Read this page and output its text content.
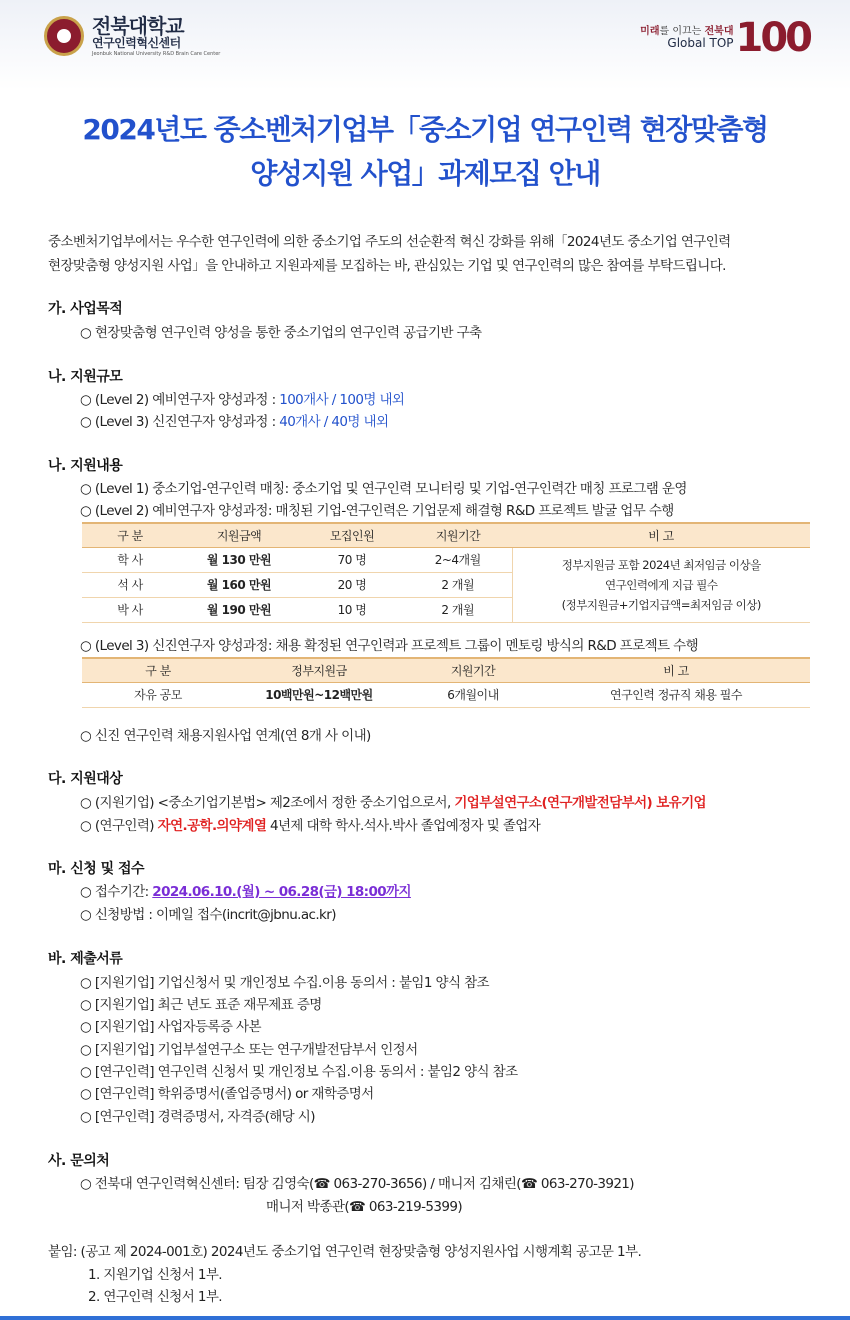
전북대학교
연구인력혁신센터
Jeonbuk National University R&D Brain Care Center
미래를 이끄는 전북대
Global TOP 100
2024년도 중소벤처기업부「중소기업 연구인력 현장맞춤형
양성지원 사업」과제모집 안내
중소벤처기업부에서는 우수한 연구인력에 의한 중소기업 주도의 선순환적 혁신 강화를 위해「2024년도 중소기업 연구인력
현장맞춤형 양성지원 사업」을 안내하고 지원과제를 모집하는 바, 관심있는 기업 및 연구인력의 많은 참여를 부탁드립니다.
가. 사업목적
○ 현장맞춤형 연구인력 양성을 통한 중소기업의 연구인력 공급기반 구축
나. 지원규모
○ (Level 2) 예비연구자 양성과정 : 100개사 / 100명 내외
○ (Level 3) 신진연구자 양성과정 : 40개사 / 40명 내외
나. 지원내용
○ (Level 1) 중소기업-연구인력 매칭: 중소기업 및 연구인력 모니터링 및 기업-연구인력간 매칭 프로그램 운영
○ (Level 2) 예비연구자 양성과정: 매칭된 기업-연구인력은 기업문제 해결형 R&D 프로젝트 발굴 업무 수행
구 분	지원금액	모집인원	지원기간	비 고
학 사	월 130 만원	70 명	2~4개월	정부지원금 포함 2024년 최저임금 이상을
연구인력에게 지급 필수
(정부지원금+기업지급액=최저임금 이상)

석 사	월 160 만원	20 명	2 개월	
박 사	월 190 만원	10 명	2 개월	
○ (Level 3) 신진연구자 양성과정: 채용 확정된 연구인력과 프로젝트 그룹이 멘토링 방식의 R&D 프로젝트 수행
구 분	정부지원금	지원기간	비 고
자유 공모	10백만원~12백만원	6개월이내	연구인력 정규직 채용 필수
○ 신진 연구인력 채용지원사업 연계(연 8개 사 이내)
다. 지원대상
○ (지원기업) <중소기업기본법> 제2조에서 정한 중소기업으로서, 기업부설연구소(연구개발전담부서) 보유기업
○ (연구인력) 자연.공학.의약계열 4년제 대학 학사.석사.박사 졸업예정자 및 졸업자
마. 신청 및 접수
○ 접수기간: 2024.06.10.(월) ~ 06.28(금) 18:00까지
○ 신청방법 : 이메일 접수(incrit@jbnu.ac.kr)
바. 제출서류
○ [지원기업] 기업신청서 및 개인정보 수집.이용 동의서 : 붙임1 양식 참조
○ [지원기업] 최근 년도 표준 재무제표 증명
○ [지원기업] 사업자등록증 사본
○ [지원기업] 기업부설연구소 또는 연구개발전담부서 인정서
○ [연구인력] 연구인력 신청서 및 개인정보 수집.이용 동의서 : 붙임2 양식 참조
○ [연구인력] 학위증명서(졸업증명서) or 재학증명서
○ [연구인력] 경력증명서, 자격증(해당 시)
사. 문의처
○ 전북대 연구인력혁신센터: 팀장 김영숙(☎ 063-270-3656) / 매니저 김채린(☎ 063-270-3921)
매니저 박종관(☎ 063-219-5399)
붙임: (공고 제 2024-001호) 2024년도 중소기업 연구인력 현장맞춤형 양성지원사업 시행계획 공고문 1부.
1. 지원기업 신청서 1부.
2. 연구인력 신청서 1부.
